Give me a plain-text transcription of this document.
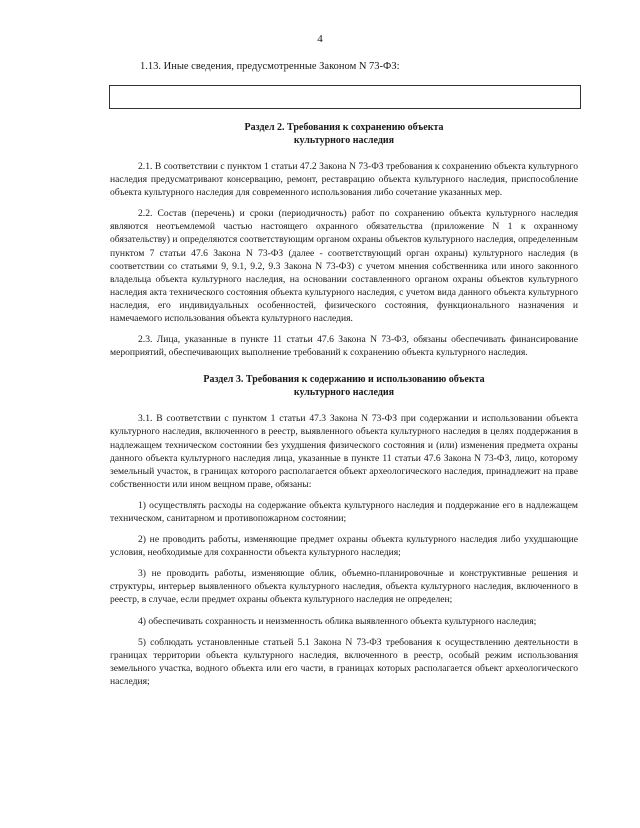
4
1.13. Иные сведения, предусмотренные Законом N 73-ФЗ:
Раздел 2. Требования к сохранению объекта
культурного наследия

2.1. В соответствии с пунктом 1 статьи 47.2 Закона N 73-ФЗ требования к сохранению объекта культурного наследия предусматривают консервацию, ремонт, реставрацию объекта культурного наследия, приспособление объекта культурного наследия для современного использования либо сочетание указанных мер.

2.2. Состав (перечень) и сроки (периодичность) работ по сохранению объекта культурного наследия являются неотъемлемой частью настоящего охранного обязательства (приложение N 1 к охранному обязательству) и определяются соответствующим органом охраны объектов культурного наследия, определенным пунктом 7 статьи 47.6 Закона N 73-ФЗ (далее - соответствующий орган охраны) культурного наследия (в соответствии со статьями 9, 9.1, 9.2, 9.3 Закона N 73-ФЗ) с учетом мнения собственника или иного законного владельца объекта культурного наследия, на основании составленного органом охраны объектов культурного наследия акта технического состояния объекта культурного наследия, с учетом вида данного объекта культурного наследия, его индивидуальных особенностей, физического состояния, функционального назначения и намечаемого использования объекта культурного наследия.

2.3. Лица, указанные в пункте 11 статьи 47.6 Закона N 73-ФЗ, обязаны обеспечивать финансирование мероприятий, обеспечивающих выполнение требований к сохранению объекта культурного наследия.

Раздел 3. Требования к содержанию и использованию объекта
культурного наследия

3.1. В соответствии с пунктом 1 статьи 47.3 Закона N 73-ФЗ при содержании и использовании объекта культурного наследия, включенного в реестр, выявленного объекта культурного наследия в целях поддержания в надлежащем техническом состоянии без ухудшения физического состояния и (или) изменения предмета охраны данного объекта культурного наследия лица, указанные в пункте 11 статьи 47.6 Закона N 73-ФЗ, лицо, которому земельный участок, в границах которого располагается объект археологического наследия, принадлежит на праве собственности или ином вещном праве, обязаны:

1) осуществлять расходы на содержание объекта культурного наследия и поддержание его в надлежащем техническом, санитарном и противопожарном состоянии;

2) не проводить работы, изменяющие предмет охраны объекта культурного наследия либо ухудшающие условия, необходимые для сохранности объекта культурного наследия;

3) не проводить работы, изменяющие облик, объемно-планировочные и конструктивные решения и структуры, интерьер выявленного объекта культурного наследия, объекта культурного наследия, включенного в реестр, в случае, если предмет охраны объекта культурного наследия не определен;

4) обеспечивать сохранность и неизменность облика выявленного объекта культурного наследия;

5) соблюдать установленные статьей 5.1 Закона N 73-ФЗ требования к осуществлению деятельности в границах территории объекта культурного наследия, включенного в реестр, особый режим использования земельного участка, водного объекта или его части, в границах которых располагается объект археологического наследия;
